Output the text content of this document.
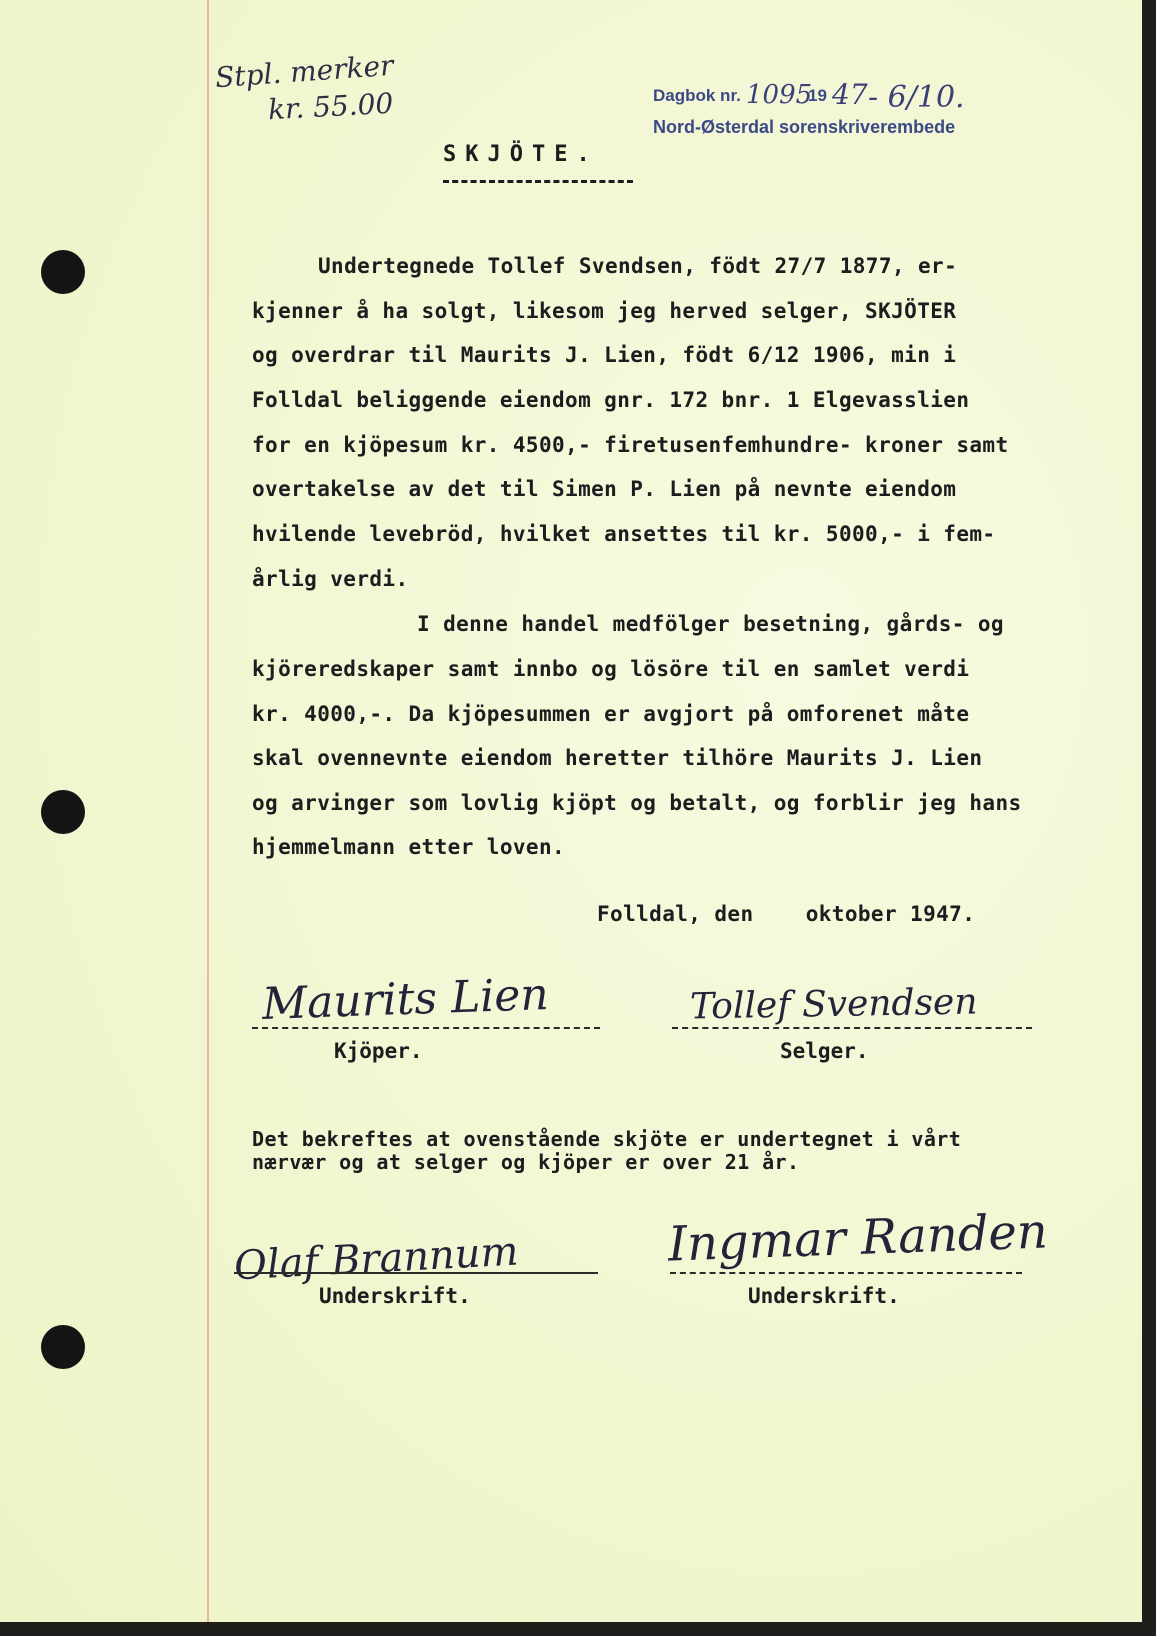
Stpl. merker
kr. 55.00	Dagbok nr. 1095
19 47 - 6/10.
Nord-Østerdal sorenskriverembede
SKJÖTE.
Undertegnede Tollef Svendsen, födt 27/7 1877, er-
kjenner å ha solgt, likesom jeg herved selger, SKJÖTER
og overdrar til Maurits J. Lien, födt 6/12 1906, min i
Folldal beliggende eiendom gnr. 172 bnr. 1 Elgevasslien
for en kjöpesum kr. 4500,- firetusenfemhundre- kroner samt
overtakelse av det til Simen P. Lien på nevnte eiendom
hvilende levebröd, hvilket ansettes til kr. 5000,- i fem-
årlig verdi.
I denne handel medfölger besetning, gårds- og
kjöreredskaper samt innbo og lösöre til en samlet verdi
kr. 4000,-. Da kjöpesummen er avgjort på omforenet måte
skal ovennevnte eiendom heretter tilhöre Maurits J. Lien
og arvinger som lovlig kjöpt og betalt, og forblir jeg hans
hjemmelmann etter loven.
Folldal, den    oktober 1947.
Maurits Lien
Kjöper.
Tollef Svendsen
Selger.
Det bekreftes at ovenstående skjöte er undertegnet i vårt
nærvær og at selger og kjöper er over 21 år.
Olaf Brannum
Underskrift.
Ingmar Randen
Underskrift.
